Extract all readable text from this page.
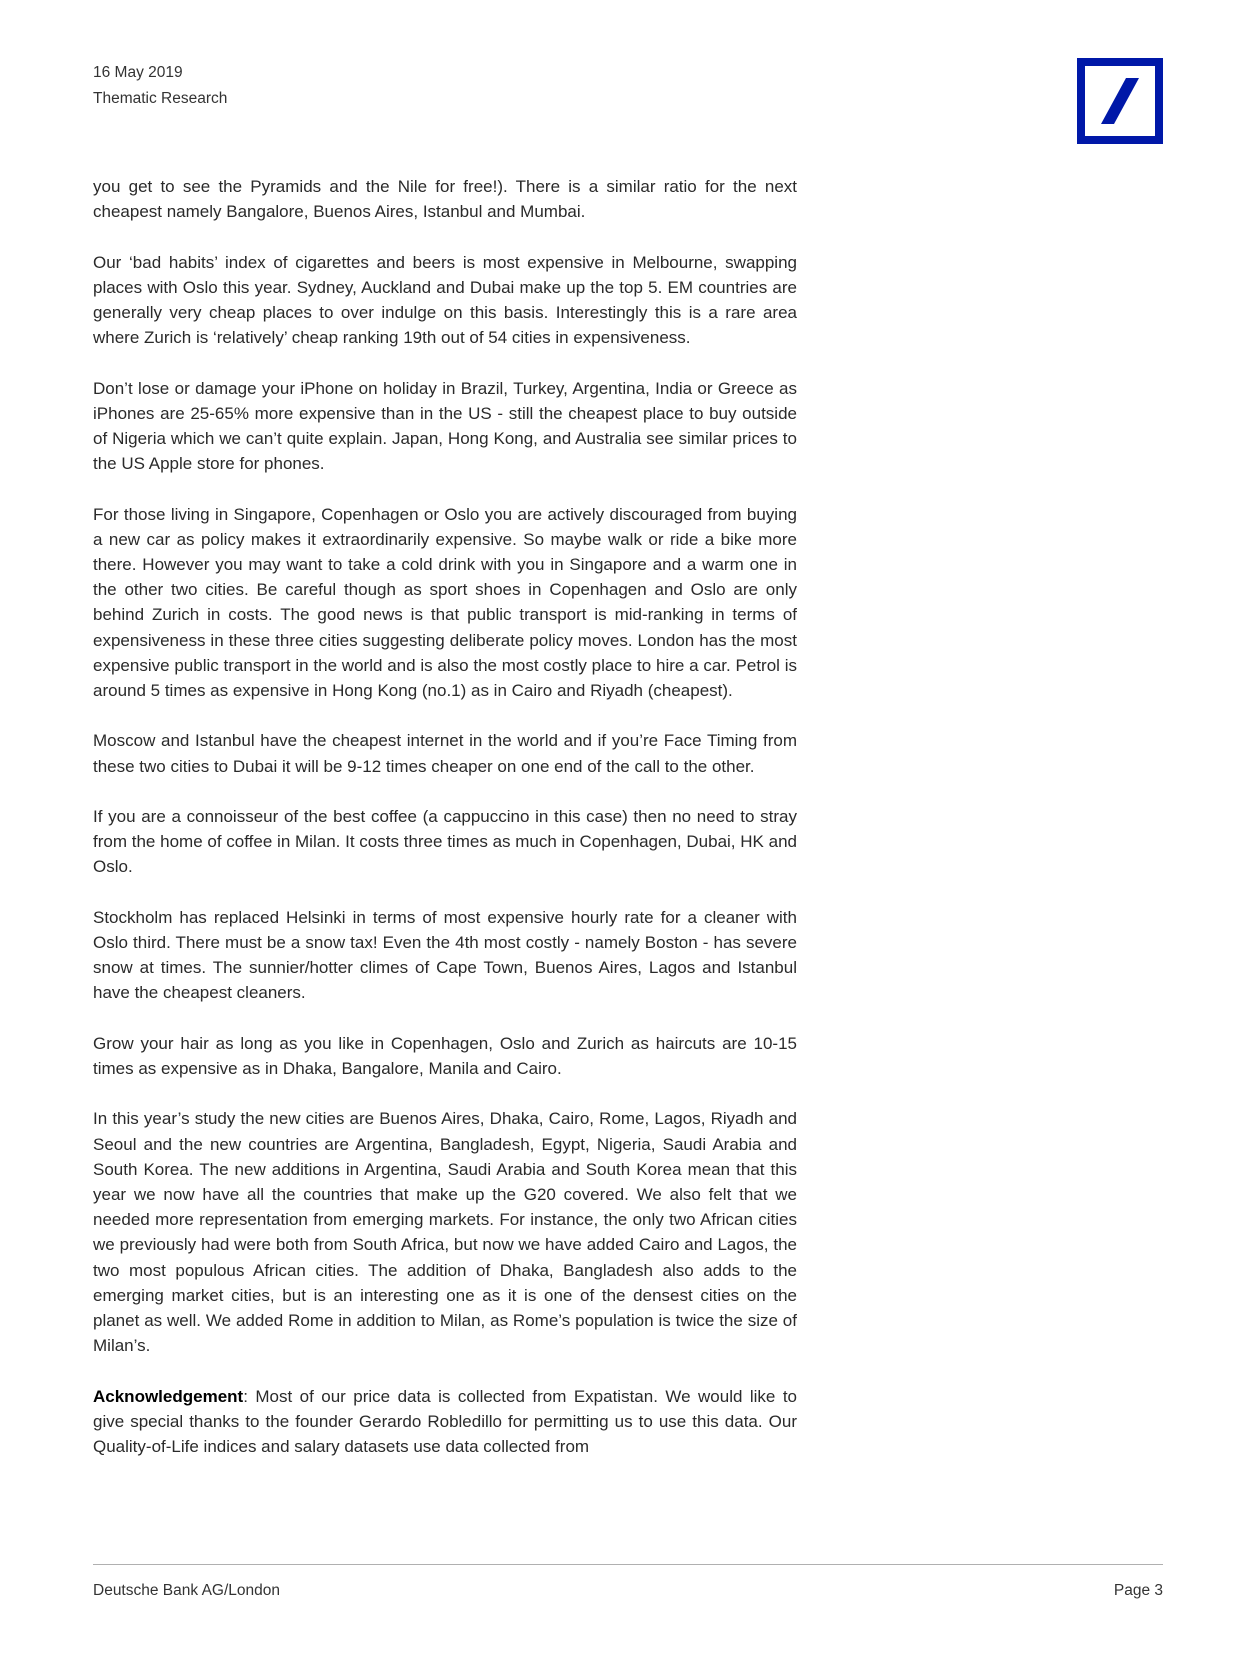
16 May 2019
Thematic Research

you get to see the Pyramids and the Nile for free!). There is a similar ratio for the next cheapest namely Bangalore, Buenos Aires, Istanbul and Mumbai.

Our ‘bad habits’ index of cigarettes and beers is most expensive in Melbourne, swapping places with Oslo this year. Sydney, Auckland and Dubai make up the top 5. EM countries are generally very cheap places to over indulge on this basis. Interestingly this is a rare area where Zurich is ‘relatively’ cheap ranking 19th out of 54 cities in expensiveness.

Don’t lose or damage your iPhone on holiday in Brazil, Turkey, Argentina, India or Greece as iPhones are 25-65% more expensive than in the US - still the cheapest place to buy outside of Nigeria which we can’t quite explain. Japan, Hong Kong, and Australia see similar prices to the US Apple store for phones.

For those living in Singapore, Copenhagen or Oslo you are actively discouraged from buying a new car as policy makes it extraordinarily expensive. So maybe walk or ride a bike more there. However you may want to take a cold drink with you in Singapore and a warm one in the other two cities. Be careful though as sport shoes in Copenhagen and Oslo are only behind Zurich in costs. The good news is that public transport is mid-ranking in terms of expensiveness in these three cities suggesting deliberate policy moves. London has the most expensive public transport in the world and is also the most costly place to hire a car. Petrol is around 5 times as expensive in Hong Kong (no.1) as in Cairo and Riyadh (cheapest).

Moscow and Istanbul have the cheapest internet in the world and if you’re Face Timing from these two cities to Dubai it will be 9-12 times cheaper on one end of the call to the other.

If you are a connoisseur of the best coffee (a cappuccino in this case) then no need to stray from the home of coffee in Milan. It costs three times as much in Copenhagen, Dubai, HK and Oslo.

Stockholm has replaced Helsinki in terms of most expensive hourly rate for a cleaner with Oslo third. There must be a snow tax! Even the 4th most costly - namely Boston - has severe snow at times. The sunnier/hotter climes of Cape Town, Buenos Aires, Lagos and Istanbul have the cheapest cleaners.

Grow your hair as long as you like in Copenhagen, Oslo and Zurich as haircuts are 10-15 times as expensive as in Dhaka, Bangalore, Manila and Cairo.

In this year’s study the new cities are Buenos Aires, Dhaka, Cairo, Rome, Lagos, Riyadh and Seoul and the new countries are Argentina, Bangladesh, Egypt, Nigeria, Saudi Arabia and South Korea. The new additions in Argentina, Saudi Arabia and South Korea mean that this year we now have all the countries that make up the G20 covered. We also felt that we needed more representation from emerging markets. For instance, the only two African cities we previously had were both from South Africa, but now we have added Cairo and Lagos, the two most populous African cities. The addition of Dhaka, Bangladesh also adds to the emerging market cities, but is an interesting one as it is one of the densest cities on the planet as well. We added Rome in addition to Milan, as Rome’s population is twice the size of Milan’s.

Acknowledgement: Most of our price data is collected from Expatistan. We would like to give special thanks to the founder Gerardo Robledillo for permitting us to use this data. Our Quality-of-Life indices and salary datasets use data collected from

Deutsche Bank AG/London	Page 3
